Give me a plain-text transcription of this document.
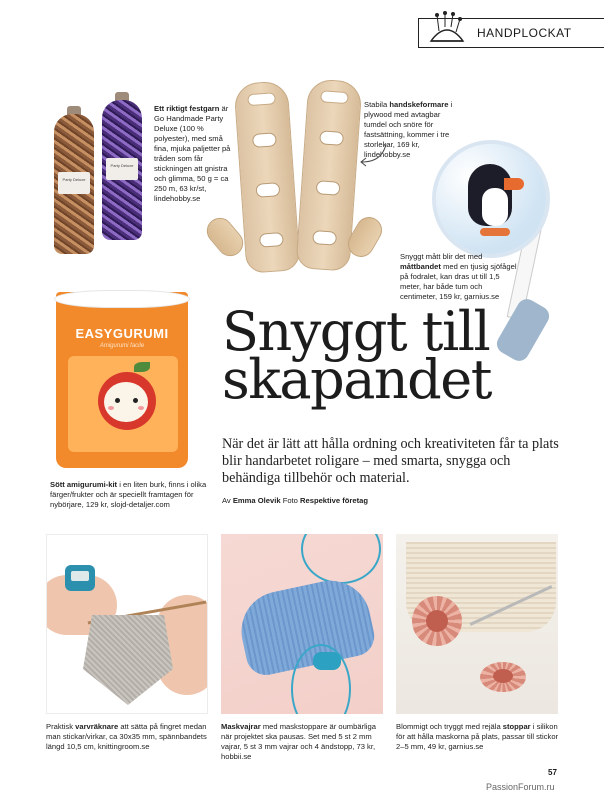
HANDPLOCKAT
Party Deluxe
Party Deluxe
Ett riktigt festgarn är Go Handmade Party Deluxe (100 % polyester), med små fina, mjuka paljetter på tråden som får stickningen att gnistra och glimma, 50 g = ca 250 m, 63 kr/st, lindehobby.se
Stabila handskeformare i plywood med avtagbar tumdel och snöre för fastsättning, kommer i tre storlekar, 169 kr, lindehobby.se
Snyggt mått blir det med måttbandet med en tjusig sjöfågel på fodralet, kan dras ut till 1,5 meter, har både tum och centimeter, 159 kr, garnius.se
EASYGURUMI
Amigurumi facile
Sött amigurumi-kit i en liten burk, finns i olika färger/frukter och är speciellt framtagen för nybörjare, 129 kr, slojd-detaljer.com
Snyggt till
skapandet

När det är lätt att hålla ordning och kreativiteten får ta plats blir handarbetet roligare – med smarta, snygga och behändiga tillbehör och material.

Av Emma Olevik Foto Respektive företag
Praktisk varvräknare att sätta på fingret medan man stickar/virkar, ca 30x35 mm, spännbandets längd 10,5 cm, knittingroom.se
Maskvajrar med maskstoppare är oumbärliga när projektet ska pausas. Set med 5 st 2 mm vajrar, 5 st 3 mm vajrar och 4 ändstopp, 73 kr, hobbii.se
Blommigt och tryggt med rejäla stoppar i silikon för att hålla maskorna på plats, passar till stickor 2–5 mm, 49 kr, garnius.se
57
PassionForum.ru
